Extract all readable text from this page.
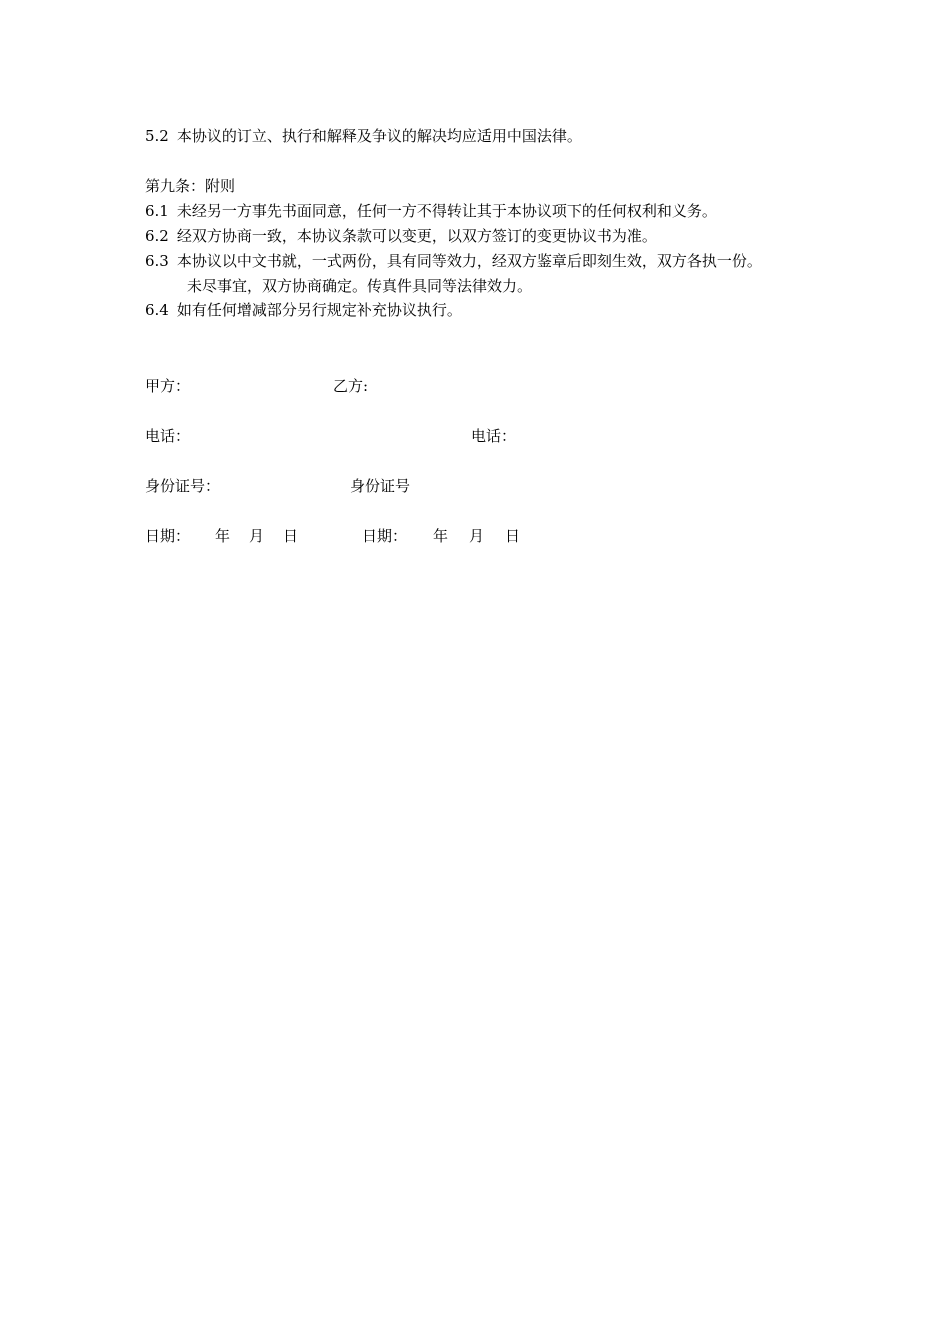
5.2 本协议的订立、执行和解释及争议的解决均应适用中国法律。
第九条：附则
6.1 未经另一方事先书面同意，任何一方不得转让其于本协议项下的任何权利和义务。
6.2 经双方协商一致，本协议条款可以变更，以双方签订的变更协议书为准。
6.3 本协议以中文书就，一式两份，具有同等效力，经双方鉴章后即刻生效，双方各执一份。
未尽事宜，双方协商确定。传真件具同等法律效力。
6.4 如有任何增减部分另行规定补充协议执行。
甲方：	乙方:
电话：	电话：
身份证号：	身份证号
日期： 年 月 日	日期： 年 月 日
